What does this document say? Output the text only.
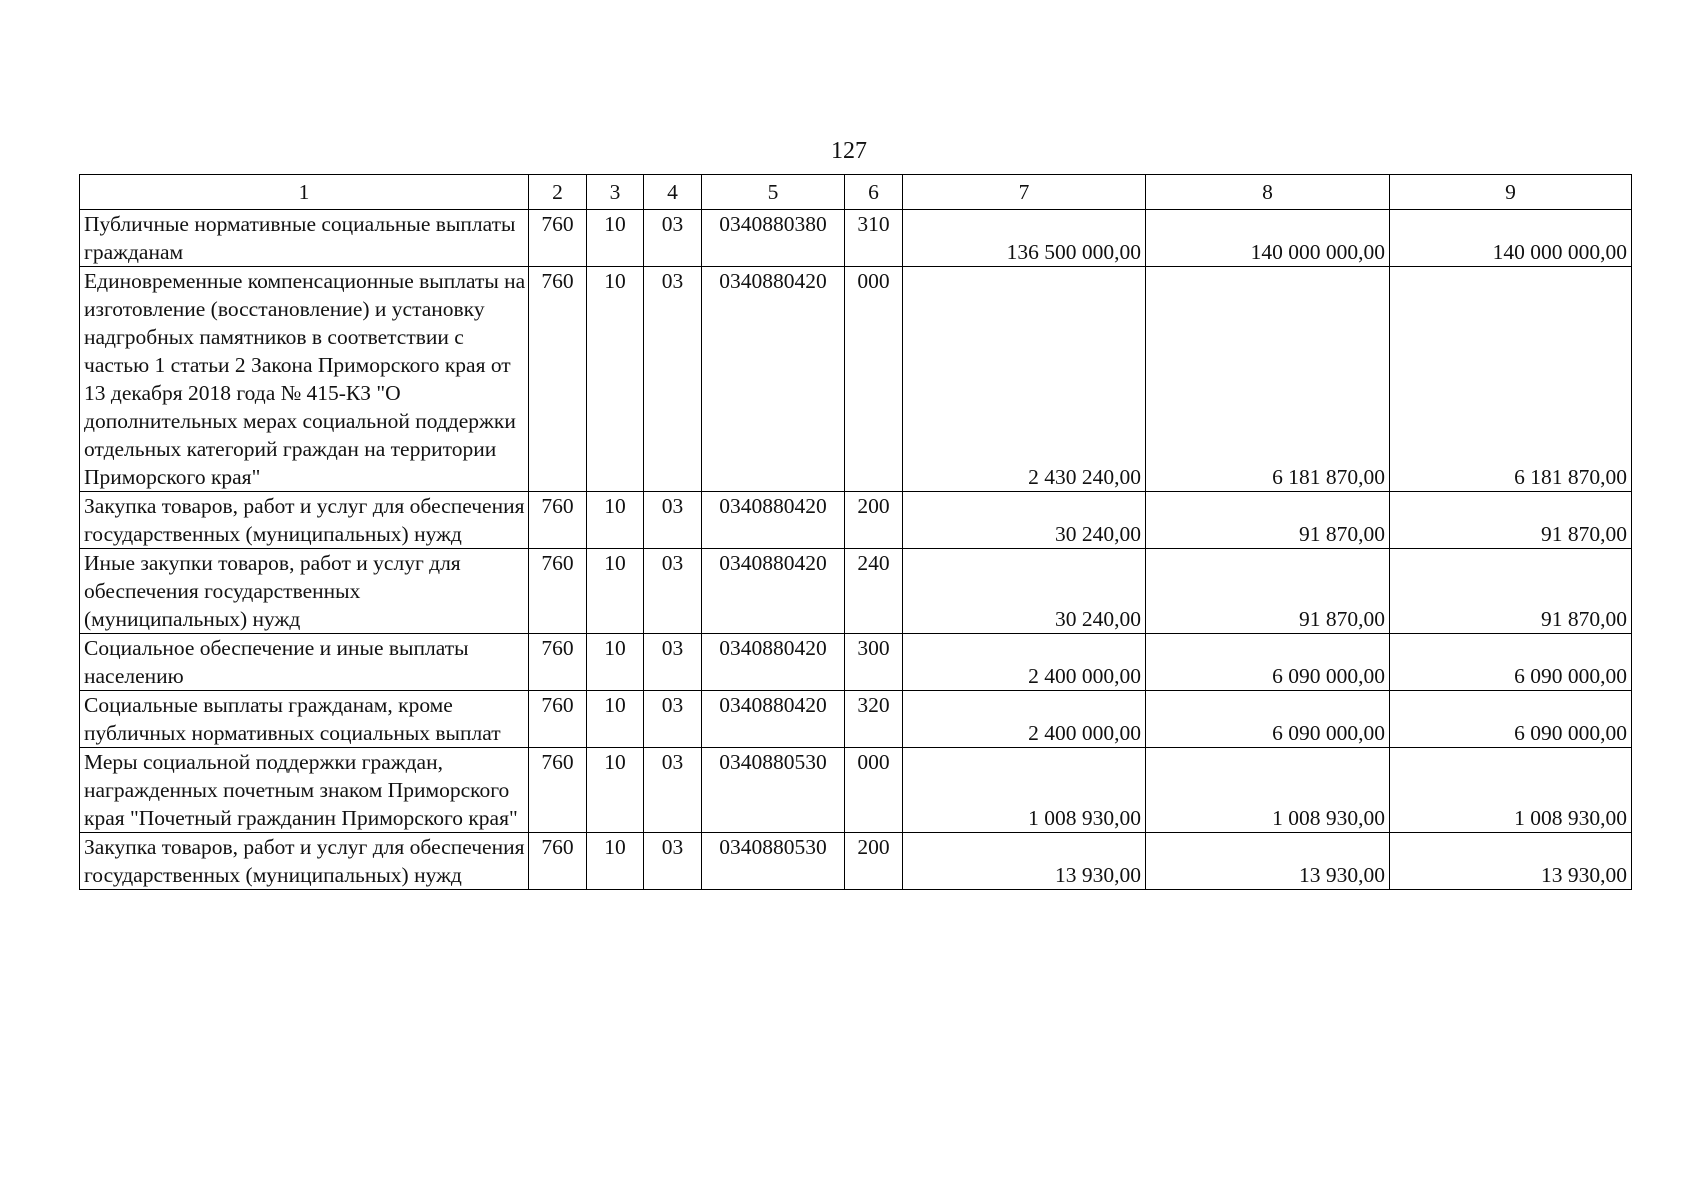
127
1	2	3	4	5	6	7	8	9
Публичные нормативные социальные выплаты гражданам	760	10	03	0340880380	310	136 500 000,00	140 000 000,00	140 000 000,00
Единовременные компенсационные выплаты на изготовление (восстановление) и установку надгробных памятников в соответствии с частью 1 статьи 2 Закона Приморского края от 13 декабря 2018 года № 415-КЗ "О дополнительных мерах социальной поддержки отдельных категорий граждан на территории Приморского края"	760	10	03	0340880420	000	2 430 240,00	6 181 870,00	6 181 870,00
Закупка товаров, работ и услуг для обеспечения государственных (муниципальных) нужд	760	10	03	0340880420	200	30 240,00	91 870,00	91 870,00
Иные закупки товаров, работ и услуг для обеспечения государственных (муниципальных) нужд	760	10	03	0340880420	240	30 240,00	91 870,00	91 870,00
Социальное обеспечение и иные выплаты населению	760	10	03	0340880420	300	2 400 000,00	6 090 000,00	6 090 000,00
Социальные выплаты гражданам, кроме публичных нормативных социальных выплат	760	10	03	0340880420	320	2 400 000,00	6 090 000,00	6 090 000,00
Меры социальной поддержки граждан, награжденных почетным знаком Приморского края "Почетный гражданин Приморского края"	760	10	03	0340880530	000	1 008 930,00	1 008 930,00	1 008 930,00
Закупка товаров, работ и услуг для обеспечения государственных (муниципальных) нужд	760	10	03	0340880530	200	13 930,00	13 930,00	13 930,00
